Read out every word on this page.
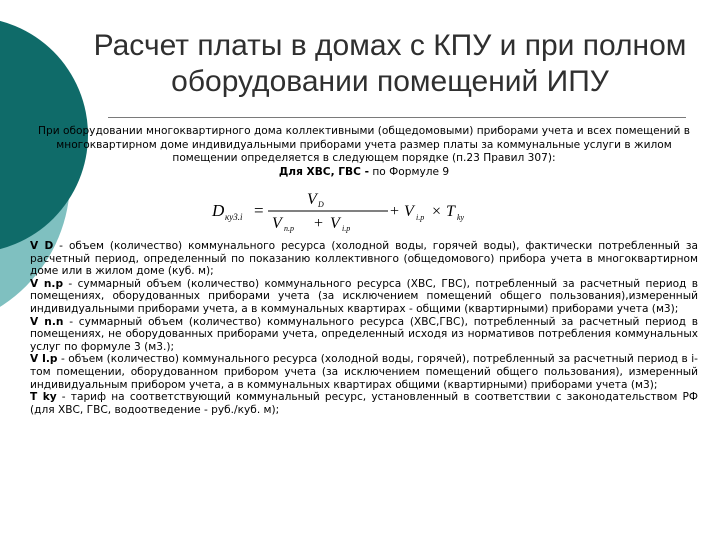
Расчет платы в домах с КПУ и при полном оборудовании помещений ИПУ
При оборудовании многоквартирного дома коллективными (общедомовыми) приборами учета и всех помещений в многоквартирном доме индивидуальными приборами учета размер платы за коммунальные услуги в жилом помещении определяется в следующем порядке (п.23 Правил 307):
Для ХВС, ГВС - по Формуле 9
D ку3.i =
V D
V n.p + V i.p
+ V i.p × T ky
V D - объем (количество) коммунального ресурса (холодной воды, горячей воды), фактически потребленный за расчетный период, определенный по показанию коллективного (общедомового) прибора учета в многоквартирном доме или в жилом доме (куб. м);
V n.p - суммарный объем (количество) коммунального ресурса (ХВС, ГВС), потребленный за расчетный период в помещениях, оборудованных приборами учета (за исключением помещений общего пользования),измеренный индивидуальными приборами учета, а в коммунальных квартирах - общими (квартирными) приборами учета (м3);
V n.n - суммарный объем (количество) коммунального ресурса (ХВС,ГВС), потребленный за расчетный период в помещениях, не оборудованных приборами учета, определенный исходя из нормативов потребления коммунальных услуг по формуле 3 (м3.);
V I.p - объем (количество) коммунального ресурса (холодной воды, горячей), потребленный за расчетный период в i-том помещении, оборудованном прибором учета (за исключением помещений общего пользования), измеренный индивидуальным прибором учета, а в коммунальных квартирах общими (квартирными) приборами учета (м3);
T ky - тариф на соответствующий коммунальный ресурс, установленный в соответствии с законодательством РФ (для ХВС, ГВС, водоотведение - руб./куб. м);
